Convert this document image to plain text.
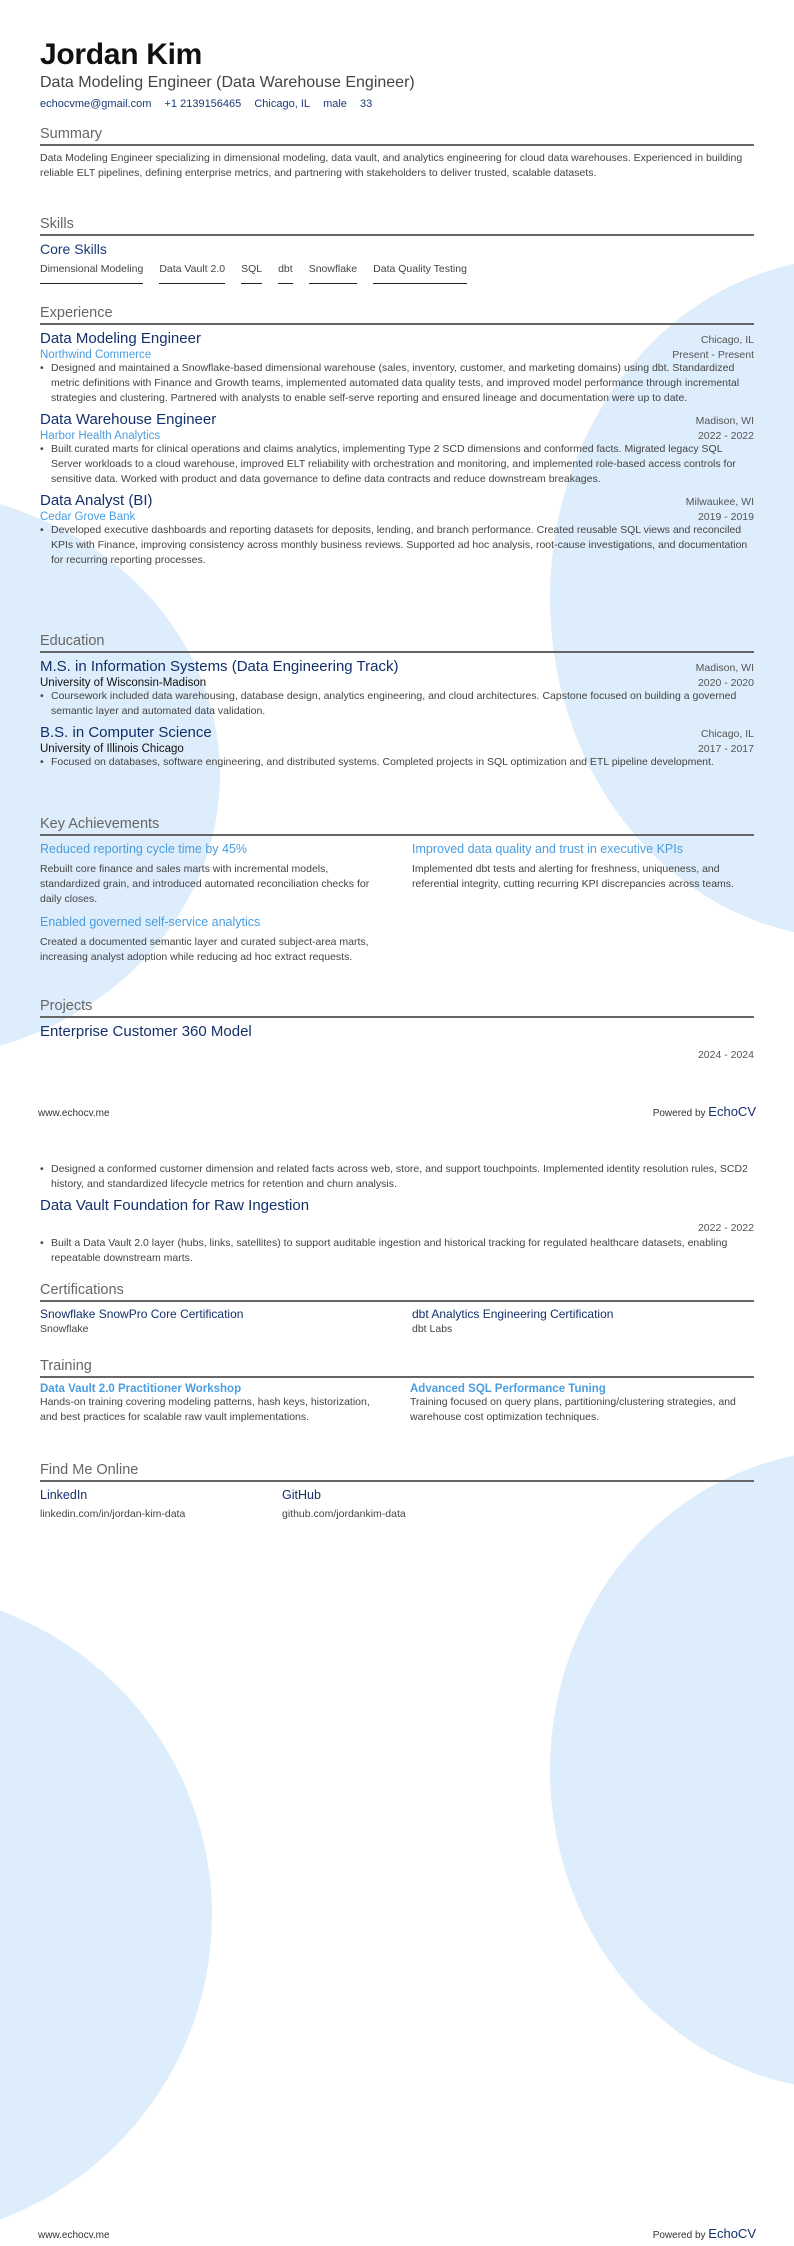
Jordan Kim
Data Modeling Engineer (Data Warehouse Engineer)
echocvme@gmail.com +1 2139156465 Chicago, IL male 33
Summary
Data Modeling Engineer specializing in dimensional modeling, data vault, and analytics engineering for cloud data warehouses. Experienced in building reliable ELT pipelines, defining enterprise metrics, and partnering with stakeholders to deliver trusted, scalable datasets.
Skills
Core Skills
Dimensional Modeling Data Vault 2.0 SQL dbt Snowflake Data Quality Testing
Experience
Data Modeling Engineer	Chicago, IL
Northwind Commerce	Present - Present
• Designed and maintained a Snowflake-based dimensional warehouse (sales, inventory, customer, and marketing domains) using dbt. Standardized metric definitions with Finance and Growth teams, implemented automated data quality tests, and improved model performance through incremental strategies and clustering. Partnered with analysts to enable self-serve reporting and ensured lineage and documentation were up to date.
Data Warehouse Engineer	Madison, WI
Harbor Health Analytics	2022 - 2022
• Built curated marts for clinical operations and claims analytics, implementing Type 2 SCD dimensions and conformed facts. Migrated legacy SQL Server workloads to a cloud warehouse, improved ELT reliability with orchestration and monitoring, and implemented role-based access controls for sensitive data. Worked with product and data governance to define data contracts and reduce downstream breakages.
Data Analyst (BI)	Milwaukee, WI
Cedar Grove Bank	2019 - 2019
• Developed executive dashboards and reporting datasets for deposits, lending, and branch performance. Created reusable SQL views and reconciled KPIs with Finance, improving consistency across monthly business reviews. Supported ad hoc analysis, root-cause investigations, and documentation for recurring reporting processes.
Education
M.S. in Information Systems (Data Engineering Track)	Madison, WI
University of Wisconsin-Madison	2020 - 2020
• Coursework included data warehousing, database design, analytics engineering, and cloud architectures. Capstone focused on building a governed semantic layer and automated data validation.
B.S. in Computer Science	Chicago, IL
University of Illinois Chicago	2017 - 2017
• Focused on databases, software engineering, and distributed systems. Completed projects in SQL optimization and ETL pipeline development.
Key Achievements
Reduced reporting cycle time by 45%
Rebuilt core finance and sales marts with incremental models, standardized grain, and introduced automated reconciliation checks for daily closes.
Improved data quality and trust in executive KPIs
Implemented dbt tests and alerting for freshness, uniqueness, and referential integrity, cutting recurring KPI discrepancies across teams.
Enabled governed self-service analytics
Created a documented semantic layer and curated subject-area marts, increasing analyst adoption while reducing ad hoc extract requests.
Projects
Enterprise Customer 360 Model
2024 - 2024
www.echocv.me	Powered by EchoCV
• Designed a conformed customer dimension and related facts across web, store, and support touchpoints. Implemented identity resolution rules, SCD2 history, and standardized lifecycle metrics for retention and churn analysis.
Data Vault Foundation for Raw Ingestion
2022 - 2022
• Built a Data Vault 2.0 layer (hubs, links, satellites) to support auditable ingestion and historical tracking for regulated healthcare datasets, enabling repeatable downstream marts.
Certifications
Snowflake SnowPro Core Certification
Snowflake
dbt Analytics Engineering Certification
dbt Labs
Training
Data Vault 2.0 Practitioner Workshop
Hands-on training covering modeling patterns, hash keys, historization, and best practices for scalable raw vault implementations.
Advanced SQL Performance Tuning
Training focused on query plans, partitioning/clustering strategies, and warehouse cost optimization techniques.
Find Me Online
LinkedIn
linkedin.com/in/jordan-kim-data
GitHub
github.com/jordankim-data
www.echocv.me	Powered by EchoCV
